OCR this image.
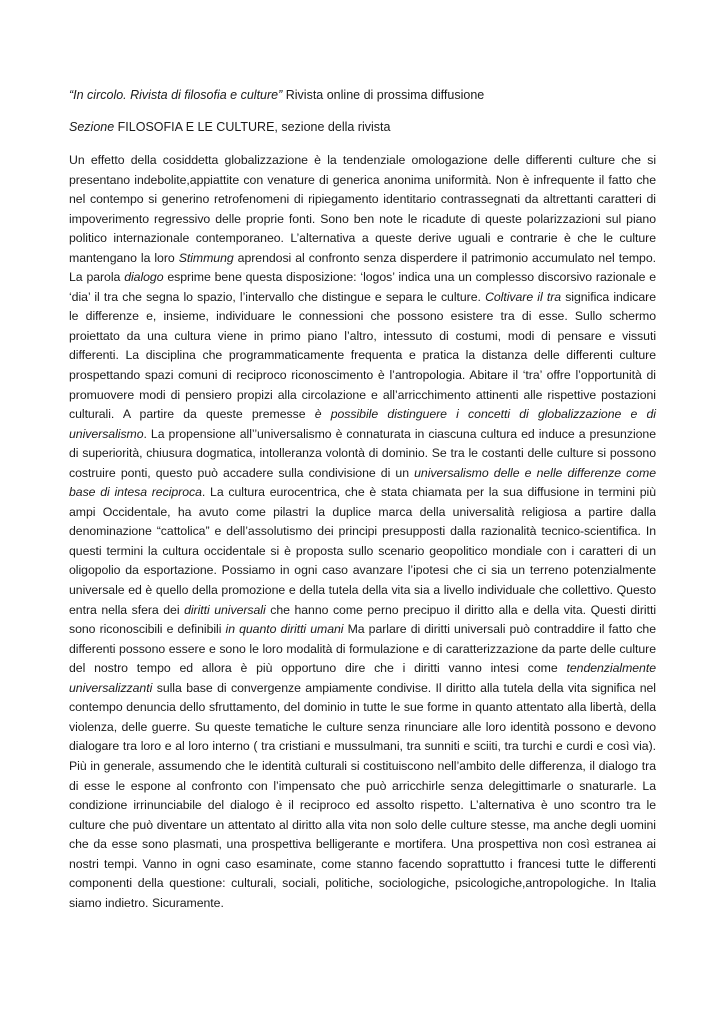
“In circolo. Rivista di filosofia e culture” Rivista online di prossima diffusione
Sezione FILOSOFIA E LE CULTURE, sezione della rivista
Un effetto della cosiddetta globalizzazione è la tendenziale omologazione delle differenti culture che si presentano indebolite,appiattite con venature di generica anonima uniformità. Non è infrequente il fatto che nel contempo si generino retrofenomeni di ripiegamento identitario contrassegnati da altrettanti caratteri di impoverimento regressivo delle proprie fonti. Sono ben note le ricadute di queste polarizzazioni sul piano politico internazionale contemporaneo. L’alternativa a queste derive uguali e contrarie è che le culture mantengano la loro Stimmung aprendosi al confronto senza disperdere il patrimonio accumulato nel tempo. La parola dialogo esprime bene questa disposizione: ‘logos’ indica una un complesso discorsivo razionale e ‘dia’ il tra che segna lo spazio, l’intervallo che distingue e separa le culture. Coltivare il tra significa indicare le differenze e, insieme, individuare le connessioni che possono esistere tra di esse. Sullo schermo proiettato da una cultura viene in primo piano l’altro, intessuto di costumi, modi di pensare e vissuti differenti. La disciplina che programmaticamente frequenta e pratica la distanza delle differenti culture prospettando spazi comuni di reciproco riconoscimento è l’antropologia. Abitare il ‘tra’ offre l’opportunità di promuovere modi di pensiero propizi alla circolazione e all’arricchimento attinenti alle rispettive postazioni culturali. A partire da queste premesse è possibile distinguere i concetti di globalizzazione e di universalismo. La propensione all’’universalismo è connaturata in ciascuna cultura ed induce a presunzione di superiorità, chiusura dogmatica, intolleranza volontà di dominio. Se tra le costanti delle culture si possono costruire ponti, questo può accadere sulla condivisione di un universalismo delle e nelle differenze come base di intesa reciproca. La cultura eurocentrica, che è stata chiamata per la sua diffusione in termini più ampi Occidentale, ha avuto come pilastri la duplice marca della universalità religiosa a partire dalla denominazione “cattolica” e dell’assolutismo dei principi presupposti dalla razionalità tecnico-scientifica. In questi termini la cultura occidentale si è proposta sullo scenario geopolitico mondiale con i caratteri di un oligopolio da esportazione. Possiamo in ogni caso avanzare l’ipotesi che ci sia un terreno potenzialmente universale ed è quello della promozione e della tutela della vita sia a livello individuale che collettivo. Questo entra nella sfera dei diritti universali che hanno come perno precipuo il diritto alla e della vita. Questi diritti sono riconoscibili e definibili in quanto diritti umani Ma parlare di diritti universali può contraddire il fatto che differenti possono essere e sono le loro modalità di formulazione e di caratterizzazione da parte delle culture del nostro tempo ed allora è più opportuno dire che i diritti vanno intesi come tendenzialmente universalizzanti sulla base di convergenze ampiamente condivise. Il diritto alla tutela della vita significa nel contempo denuncia dello sfruttamento, del dominio in tutte le sue forme in quanto attentato alla libertà, della violenza, delle guerre. Su queste tematiche le culture senza rinunciare alle loro identità possono e devono dialogare tra loro e al loro interno ( tra cristiani e mussulmani, tra sunniti e sciiti, tra turchi e curdi e così via). Più in generale, assumendo che le identità culturali si costituiscono nell’ambito delle differenza, il dialogo tra di esse le espone al confronto con l’impensato che può arricchirle senza delegittimarle o snaturarle. La condizione irrinunciabile del dialogo è il reciproco ed assolto rispetto. L’alternativa è uno scontro tra le culture che può diventare un attentato al diritto alla vita non solo delle culture stesse, ma anche degli uomini che da esse sono plasmati, una prospettiva belligerante e mortifera. Una prospettiva non così estranea ai nostri tempi. Vanno in ogni caso esaminate, come stanno facendo soprattutto i francesi tutte le differenti componenti della questione: culturali, sociali, politiche, sociologiche, psicologiche,antropologiche. In Italia siamo indietro. Sicuramente.
